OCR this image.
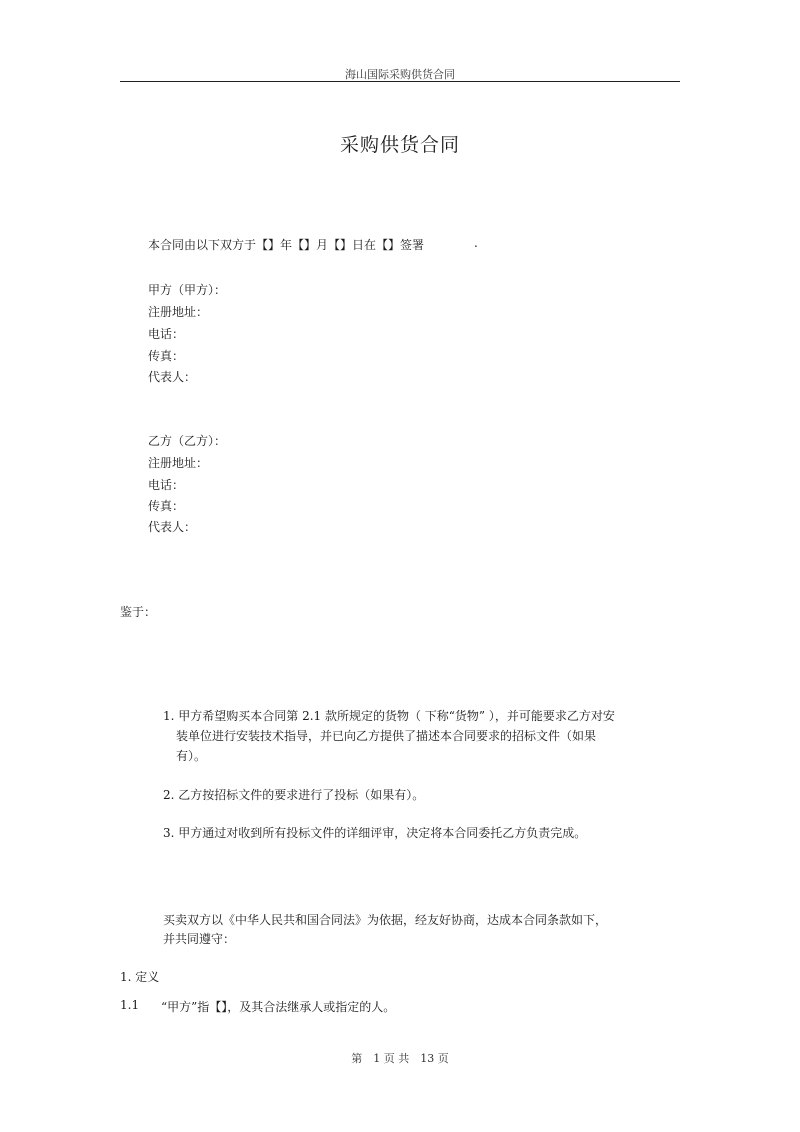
海山国际采购供货合同
采购供货合同
本合同由以下双方于【】年【】月【】日在【】签署	.
甲方（甲方）：
注册地址：
电话：
传真：
代表人：
乙方（乙方）：
注册地址：
电话：
传真：
代表人：
鉴于：
1. 甲方希望购买本合同第 2.1 款所规定的货物（ 下称“货物” ），并可能要求乙方对安
装单位进行安装技术指导，并已向乙方提供了描述本合同要求的招标文件（如果
有）。
2. 乙方按招标文件的要求进行了投标（如果有）。
3. 甲方通过对收到所有投标文件的详细评审，决定将本合同委托乙方负责完成。
买卖双方以《中华人民共和国合同法》为依据，经友好协商，达成本合同条款如下，
并共同遵守：
1. 定义
1.1 “甲方”指【】，及其合法继承人或指定的人。
第　1 页 共　13 页
